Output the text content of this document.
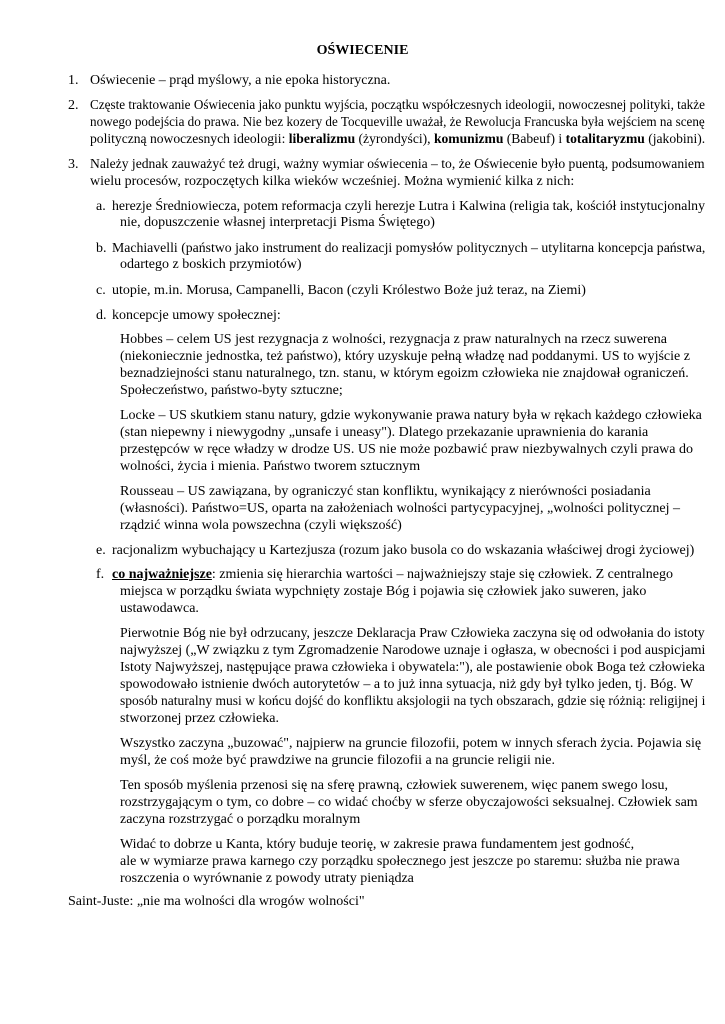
OŚWIECENIE
1. Oświecenie – prąd myślowy, a nie epoka historyczna.
2. Częste traktowanie Oświecenia jako punktu wyjścia, początku współczesnych ideologii, nowoczesnej polityki, także
nowego podejścia do prawa. Nie bez kozery de Tocqueville uważał, że Rewolucja Francuska była wejściem na scenę
polityczną nowoczesnych ideologii: liberalizmu (żyrondyści), komunizmu (Babeuf) i totalitaryzmu (jakobini).
3. Należy jednak zauważyć też drugi, ważny wymiar oświecenia – to, że Oświecenie było puentą, podsumowaniem
wielu procesów, rozpoczętych kilka wieków wcześniej. Można wymienić kilka z nich:
a. herezje Średniowiecza, potem reformacja czyli herezje Lutra i Kalwina (religia tak, kościół instytucjonalny
nie, dopuszczenie własnej interpretacji Pisma Świętego)
b. Machiavelli (państwo jako instrument do realizacji pomysłów politycznych – utylitarna koncepcja państwa,
odartego z boskich przymiotów)
c. utopie, m.in. Morusa, Campanelli, Bacon (czyli Królestwo Boże już teraz, na Ziemi)
d. koncepcje umowy społecznej:
Hobbes – celem US jest rezygnacja z wolności, rezygnacja z praw naturalnych na rzecz suwerena
(niekoniecznie jednostka, też państwo), który uzyskuje pełną władzę nad poddanymi. US to wyjście z
beznadziejności stanu naturalnego, tzn. stanu, w którym egoizm człowieka nie znajdował ograniczeń.
Społeczeństwo, państwo-byty sztuczne;
Locke – US skutkiem stanu natury, gdzie wykonywanie prawa natury była w rękach każdego człowieka
(stan niepewny i niewygodny „unsafe i uneasy"). Dlatego przekazanie uprawnienia do karania
przestępców w ręce władzy w drodze US. US nie może pozbawić praw niezbywalnych czyli prawa do
wolności, życia i mienia. Państwo tworem sztucznym
Rousseau – US zawiązana, by ograniczyć stan konfliktu, wynikający z nierówności posiadania
(własności). Państwo=US, oparta na założeniach wolności partycypacyjnej, „wolności politycznej –
rządzić winna wola powszechna (czyli większość)
e. racjonalizm wybuchający u Kartezjusza (rozum jako busola co do wskazania właściwej drogi życiowej)
f. co najważniejsze: zmienia się hierarchia wartości – najważniejszy staje się człowiek. Z centralnego
miejsca w porządku świata wypchnięty zostaje Bóg i pojawia się człowiek jako suweren, jako
ustawodawca.
Pierwotnie Bóg nie był odrzucany, jeszcze Deklaracja Praw Człowieka zaczyna się od odwołania do istoty
najwyższej („W związku z tym Zgromadzenie Narodowe uznaje i ogłasza, w obecności i pod auspicjami
Istoty Najwyższej, następujące prawa człowieka i obywatela:"), ale postawienie obok Boga też człowieka
spowodowało istnienie dwóch autorytetów – a to już inna sytuacja, niż gdy był tylko jeden, tj. Bóg. W
sposób naturalny musi w końcu dojść do konfliktu aksjologii na tych obszarach, gdzie się różnią: religijnej i
stworzonej przez człowieka.
Wszystko zaczyna „buzować", najpierw na gruncie filozofii, potem w innych sferach życia. Pojawia się
myśl, że coś może być prawdziwe na gruncie filozofii a na gruncie religii nie.
Ten sposób myślenia przenosi się na sferę prawną, człowiek suwerenem, więc panem swego losu,
rozstrzygającym o tym, co dobre – co widać choćby w sferze obyczajowości seksualnej. Człowiek sam
zaczyna rozstrzygać o porządku moralnym
Widać to dobrze u Kanta, który buduje teorię, w zakresie prawa fundamentem jest godność,
ale w wymiarze prawa karnego czy porządku społecznego jest jeszcze po staremu: służba nie prawa
roszczenia o wyrównanie z powody utraty pieniądza
Saint-Juste: „nie ma wolności dla wrogów wolności"
